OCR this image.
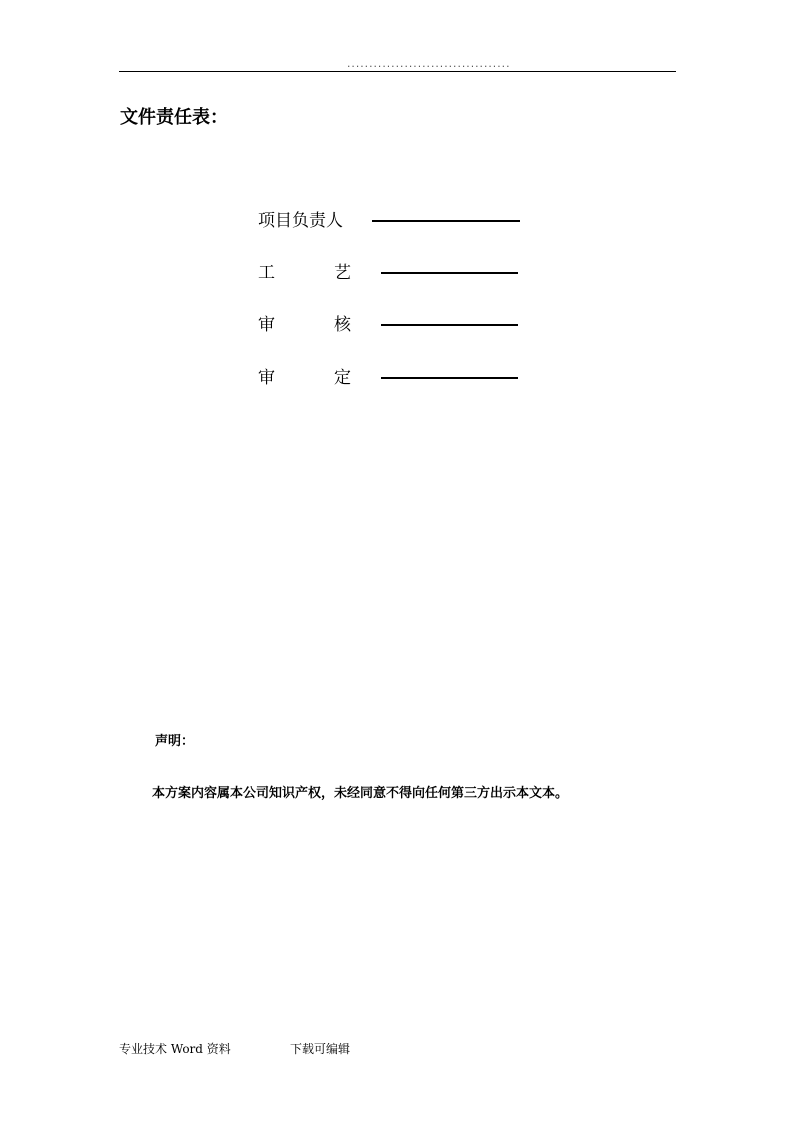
.....................................
文件责任表：
项目负责人
工	艺
审	核
审	定
声明：
本方案内容属本公司知识产权，未经同意不得向任何第三方出示本文本。
专业技术 Word 资料	下载可编辑
